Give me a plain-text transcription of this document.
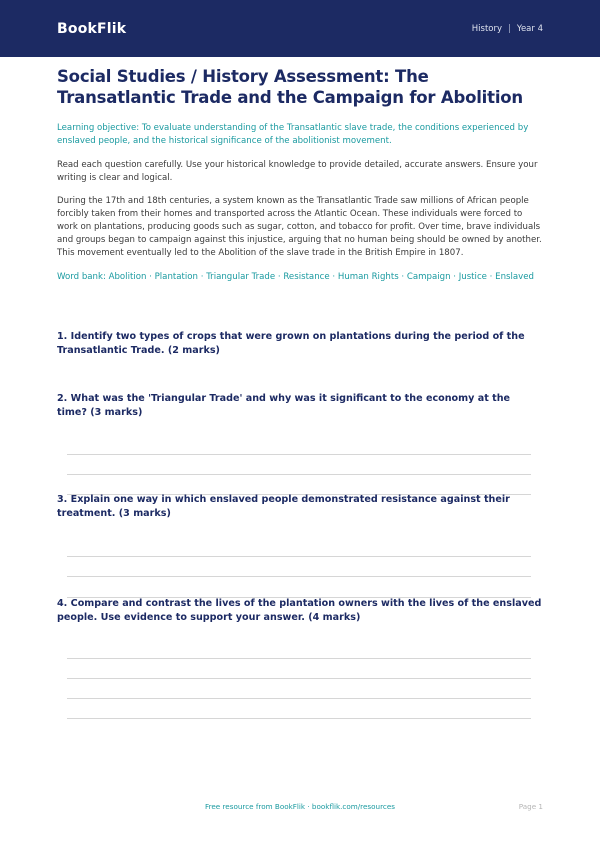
BookFlik	History | Year 4
Social Studies / History Assessment: The Transatlantic Trade and the Campaign for Abolition
Learning objective: To evaluate understanding of the Transatlantic slave trade, the conditions experienced by enslaved people, and the historical significance of the abolitionist movement.
Read each question carefully. Use your historical knowledge to provide detailed, accurate answers. Ensure your writing is clear and logical.
During the 17th and 18th centuries, a system known as the Transatlantic Trade saw millions of African people forcibly taken from their homes and transported across the Atlantic Ocean. These individuals were forced to work on plantations, producing goods such as sugar, cotton, and tobacco for profit. Over time, brave individuals and groups began to campaign against this injustice, arguing that no human being should be owned by another. This movement eventually led to the Abolition of the slave trade in the British Empire in 1807.
Word bank: Abolition · Plantation · Triangular Trade · Resistance · Human Rights · Campaign · Justice · Enslaved
1. Identify two types of crops that were grown on plantations during the period of the Transatlantic Trade. (2 marks)
2. What was the 'Triangular Trade' and why was it significant to the economy at the time? (3 marks)
3. Explain one way in which enslaved people demonstrated resistance against their treatment. (3 marks)
4. Compare and contrast the lives of the plantation owners with the lives of the enslaved people. Use evidence to support your answer. (4 marks)
Free resource from BookFlik · bookflik.com/resources	Page 1
